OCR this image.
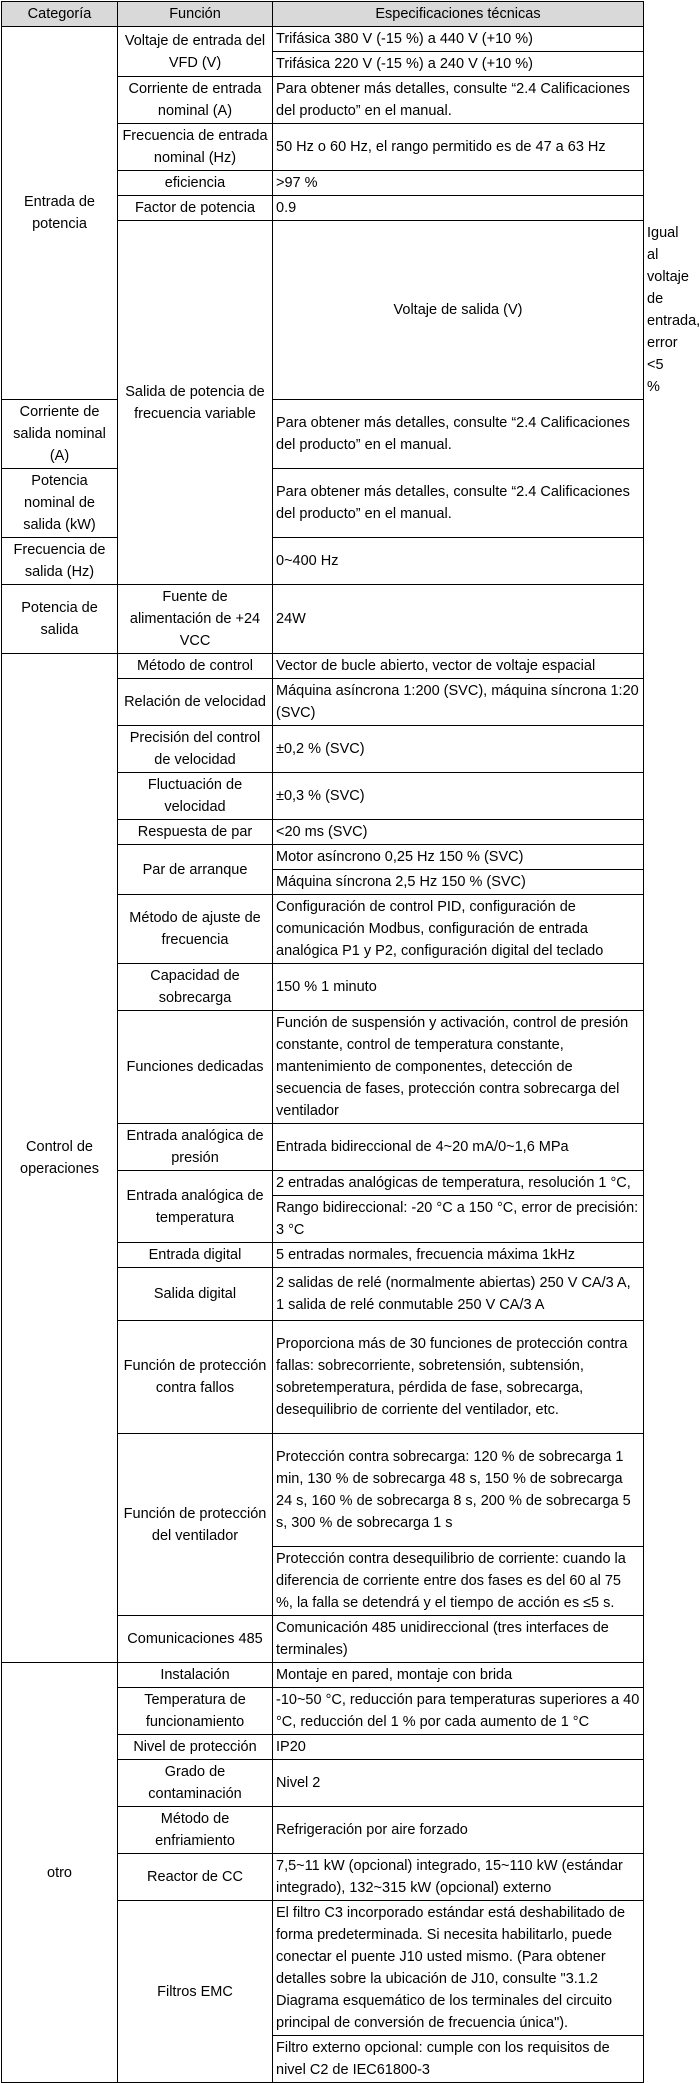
Categoría	Función	Especificaciones técnicas	
Entrada de potencia	Voltaje de entrada del VFD (V)	Trifásica 380 V (-15 %) a 440 V (+10 %)	
		Trifásica 220 V (-15 %) a 240 V (+10 %)	
	Corriente de entrada nominal (A)	Para obtener más detalles, consulte “2.4 Calificaciones del producto” en el manual.	
	Frecuencia de entrada nominal (Hz)	50 Hz o 60 Hz, el rango permitido es de 47 a 63 Hz	
	eficiencia	>97 %	
	Factor de potencia	0.9	
	Salida de potencia de frecuencia variable	Voltaje de salida (V)	Igual al voltaje de entrada, error <5 %
Corriente de salida nominal (A)		Para obtener más detalles, consulte “2.4 Calificaciones del producto” en el manual.	
Potencia nominal de salida (kW)		Para obtener más detalles, consulte “2.4 Calificaciones del producto” en el manual.	
Frecuencia de salida (Hz)		0~400 Hz	
Potencia de salida	Fuente de alimentación de +24 VCC	24W	
Control de operaciones	Método de control	Vector de bucle abierto, vector de voltaje espacial	
	Relación de velocidad	Máquina asíncrona 1:200 (SVC), máquina síncrona 1:20 (SVC)	
	Precisión del control de velocidad	±0,2 % (SVC)	
	Fluctuación de velocidad	±0,3 % (SVC)	
	Respuesta de par	<20 ms (SVC)	
	Par de arranque	Motor asíncrono 0,25 Hz 150 % (SVC)	
		Máquina síncrona 2,5 Hz 150 % (SVC)	
	Método de ajuste de frecuencia	Configuración de control PID, configuración de comunicación Modbus, configuración de entrada analógica P1 y P2, configuración digital del teclado	
	Capacidad de sobrecarga	150 % 1 minuto	
	Funciones dedicadas	Función de suspensión y activación, control de presión constante, control de temperatura constante, mantenimiento de componentes, detección de secuencia de fases, protección contra sobrecarga del ventilador	
	Entrada analógica de presión	Entrada bidireccional de 4~20 mA/0~1,6 MPa	
	Entrada analógica de temperatura	2 entradas analógicas de temperatura, resolución 1 °C,	
		Rango bidireccional: -20 °C a 150 °C, error de precisión: 3 °C	
	Entrada digital	5 entradas normales, frecuencia máxima 1kHz	
	Salida digital	2 salidas de relé (normalmente abiertas) 250 V CA/3 A, 1 salida de relé conmutable 250 V CA/3 A	
	Función de protección contra fallos	Proporciona más de 30 funciones de protección contra fallas: sobrecorriente, sobretensión, subtensión, sobretemperatura, pérdida de fase, sobrecarga, desequilibrio de corriente del ventilador, etc.	
	Función de protección del ventilador	Protección contra sobrecarga: 120 % de sobrecarga 1 min, 130 % de sobrecarga 48 s, 150 % de sobrecarga 24 s, 160 % de sobrecarga 8 s, 200 % de sobrecarga 5 s, 300 % de sobrecarga 1 s	
		Protección contra desequilibrio de corriente: cuando la diferencia de corriente entre dos fases es del 60 al 75 %, la falla se detendrá y el tiempo de acción es ≤5 s.	
	Comunicaciones 485	Comunicación 485 unidireccional (tres interfaces de terminales)	
otro	Instalación	Montaje en pared, montaje con brida	
	Temperatura de funcionamiento	-10~50 °C, reducción para temperaturas superiores a 40 °C, reducción del 1 % por cada aumento de 1 °C	
	Nivel de protección	IP20	
	Grado de contaminación	Nivel 2	
	Método de enfriamiento	Refrigeración por aire forzado	
	Reactor de CC	7,5~11 kW (opcional) integrado, 15~110 kW (estándar integrado), 132~315 kW (opcional) externo	
	Filtros EMC	El filtro C3 incorporado estándar está deshabilitado de forma predeterminada. Si necesita habilitarlo, puede conectar el puente J10 usted mismo. (Para obtener detalles sobre la ubicación de J10, consulte "3.1.2 Diagrama esquemático de los terminales del circuito principal de conversión de frecuencia única").	
		Filtro externo opcional: cumple con los requisitos de nivel C2 de IEC61800-3	
